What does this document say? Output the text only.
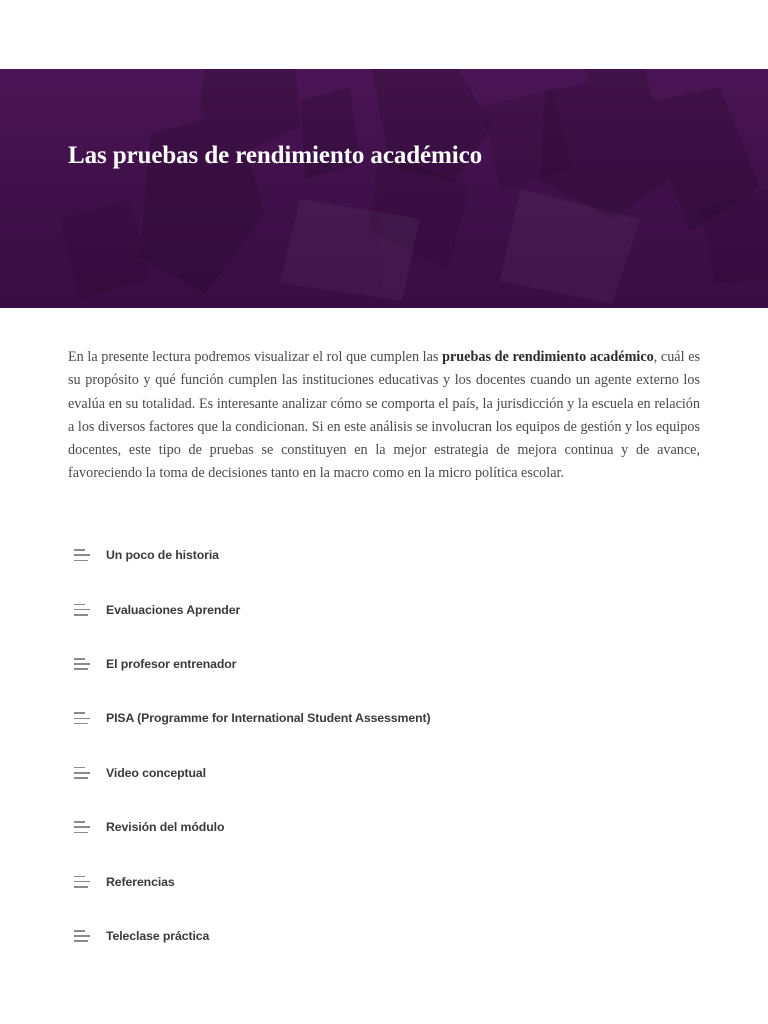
Las pruebas de rendimiento académico

En la presente lectura podremos visualizar el rol que cumplen las pruebas de rendimiento académico, cuál es su propósito y qué función cumplen las instituciones educativas y los docentes cuando un agente externo los evalúa en su totalidad. Es interesante analizar cómo se comporta el país, la jurisdicción y la escuela en relación a los diversos factores que la condicionan. Si en este análisis se involucran los equipos de gestión y los equipos docentes, este tipo de pruebas se constituyen en la mejor estrategia de mejora continua y de avance, favoreciendo la toma de decisiones tanto en la macro como en la micro política escolar.

Un poco de historia
Evaluaciones Aprender
El profesor entrenador
PISA (Programme for International Student Assessment)
Video conceptual
Revisión del módulo
Referencias
Teleclase práctica
